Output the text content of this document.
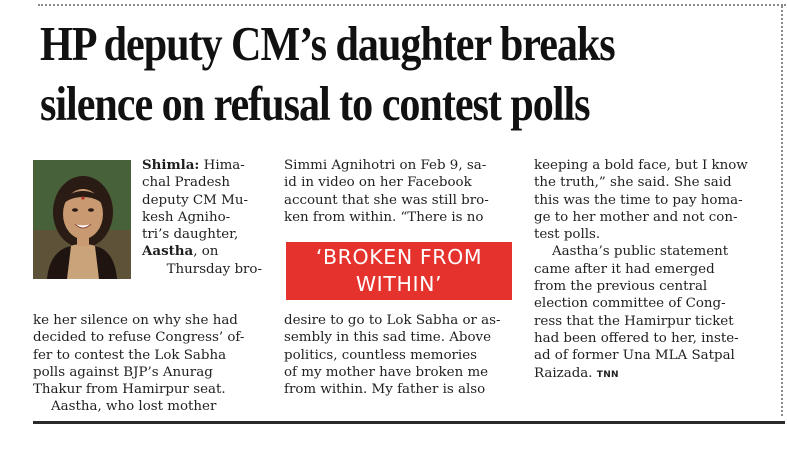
HP deputy CM’s daughter breaks
silence on refusal to contest polls

Shimla: Hima-

chal Pradesh

deputy CM Mu-

kesh Agniho-

tri’s daughter,

Aastha, on

Thursday bro-

ke her silence on why she had

decided to refuse Congress’ of-

fer to contest the Lok Sabha

polls against BJP’s Anurag

Thakur from Hamirpur seat.

Aastha, who lost mother

Simmi Agnihotri on Feb 9, sa-

id in video on her Facebook

account that she was still bro-

ken from within. “There is no

‘BROKEN FROM
WITHIN’

desire to go to Lok Sabha or as-

sembly in this sad time. Above

politics, countless memories

of my mother have broken me

from within. My father is also

keeping a bold face, but I know

the truth,” she said. She said

this was the time to pay homa-

ge to her mother and not con-

test polls.

Aastha’s public statement

came after it had emerged

from the previous central

election committee of Cong-

ress that the Hamirpur ticket

had been offered to her, inste-

ad of former Una MLA Satpal

Raizada. TNN
